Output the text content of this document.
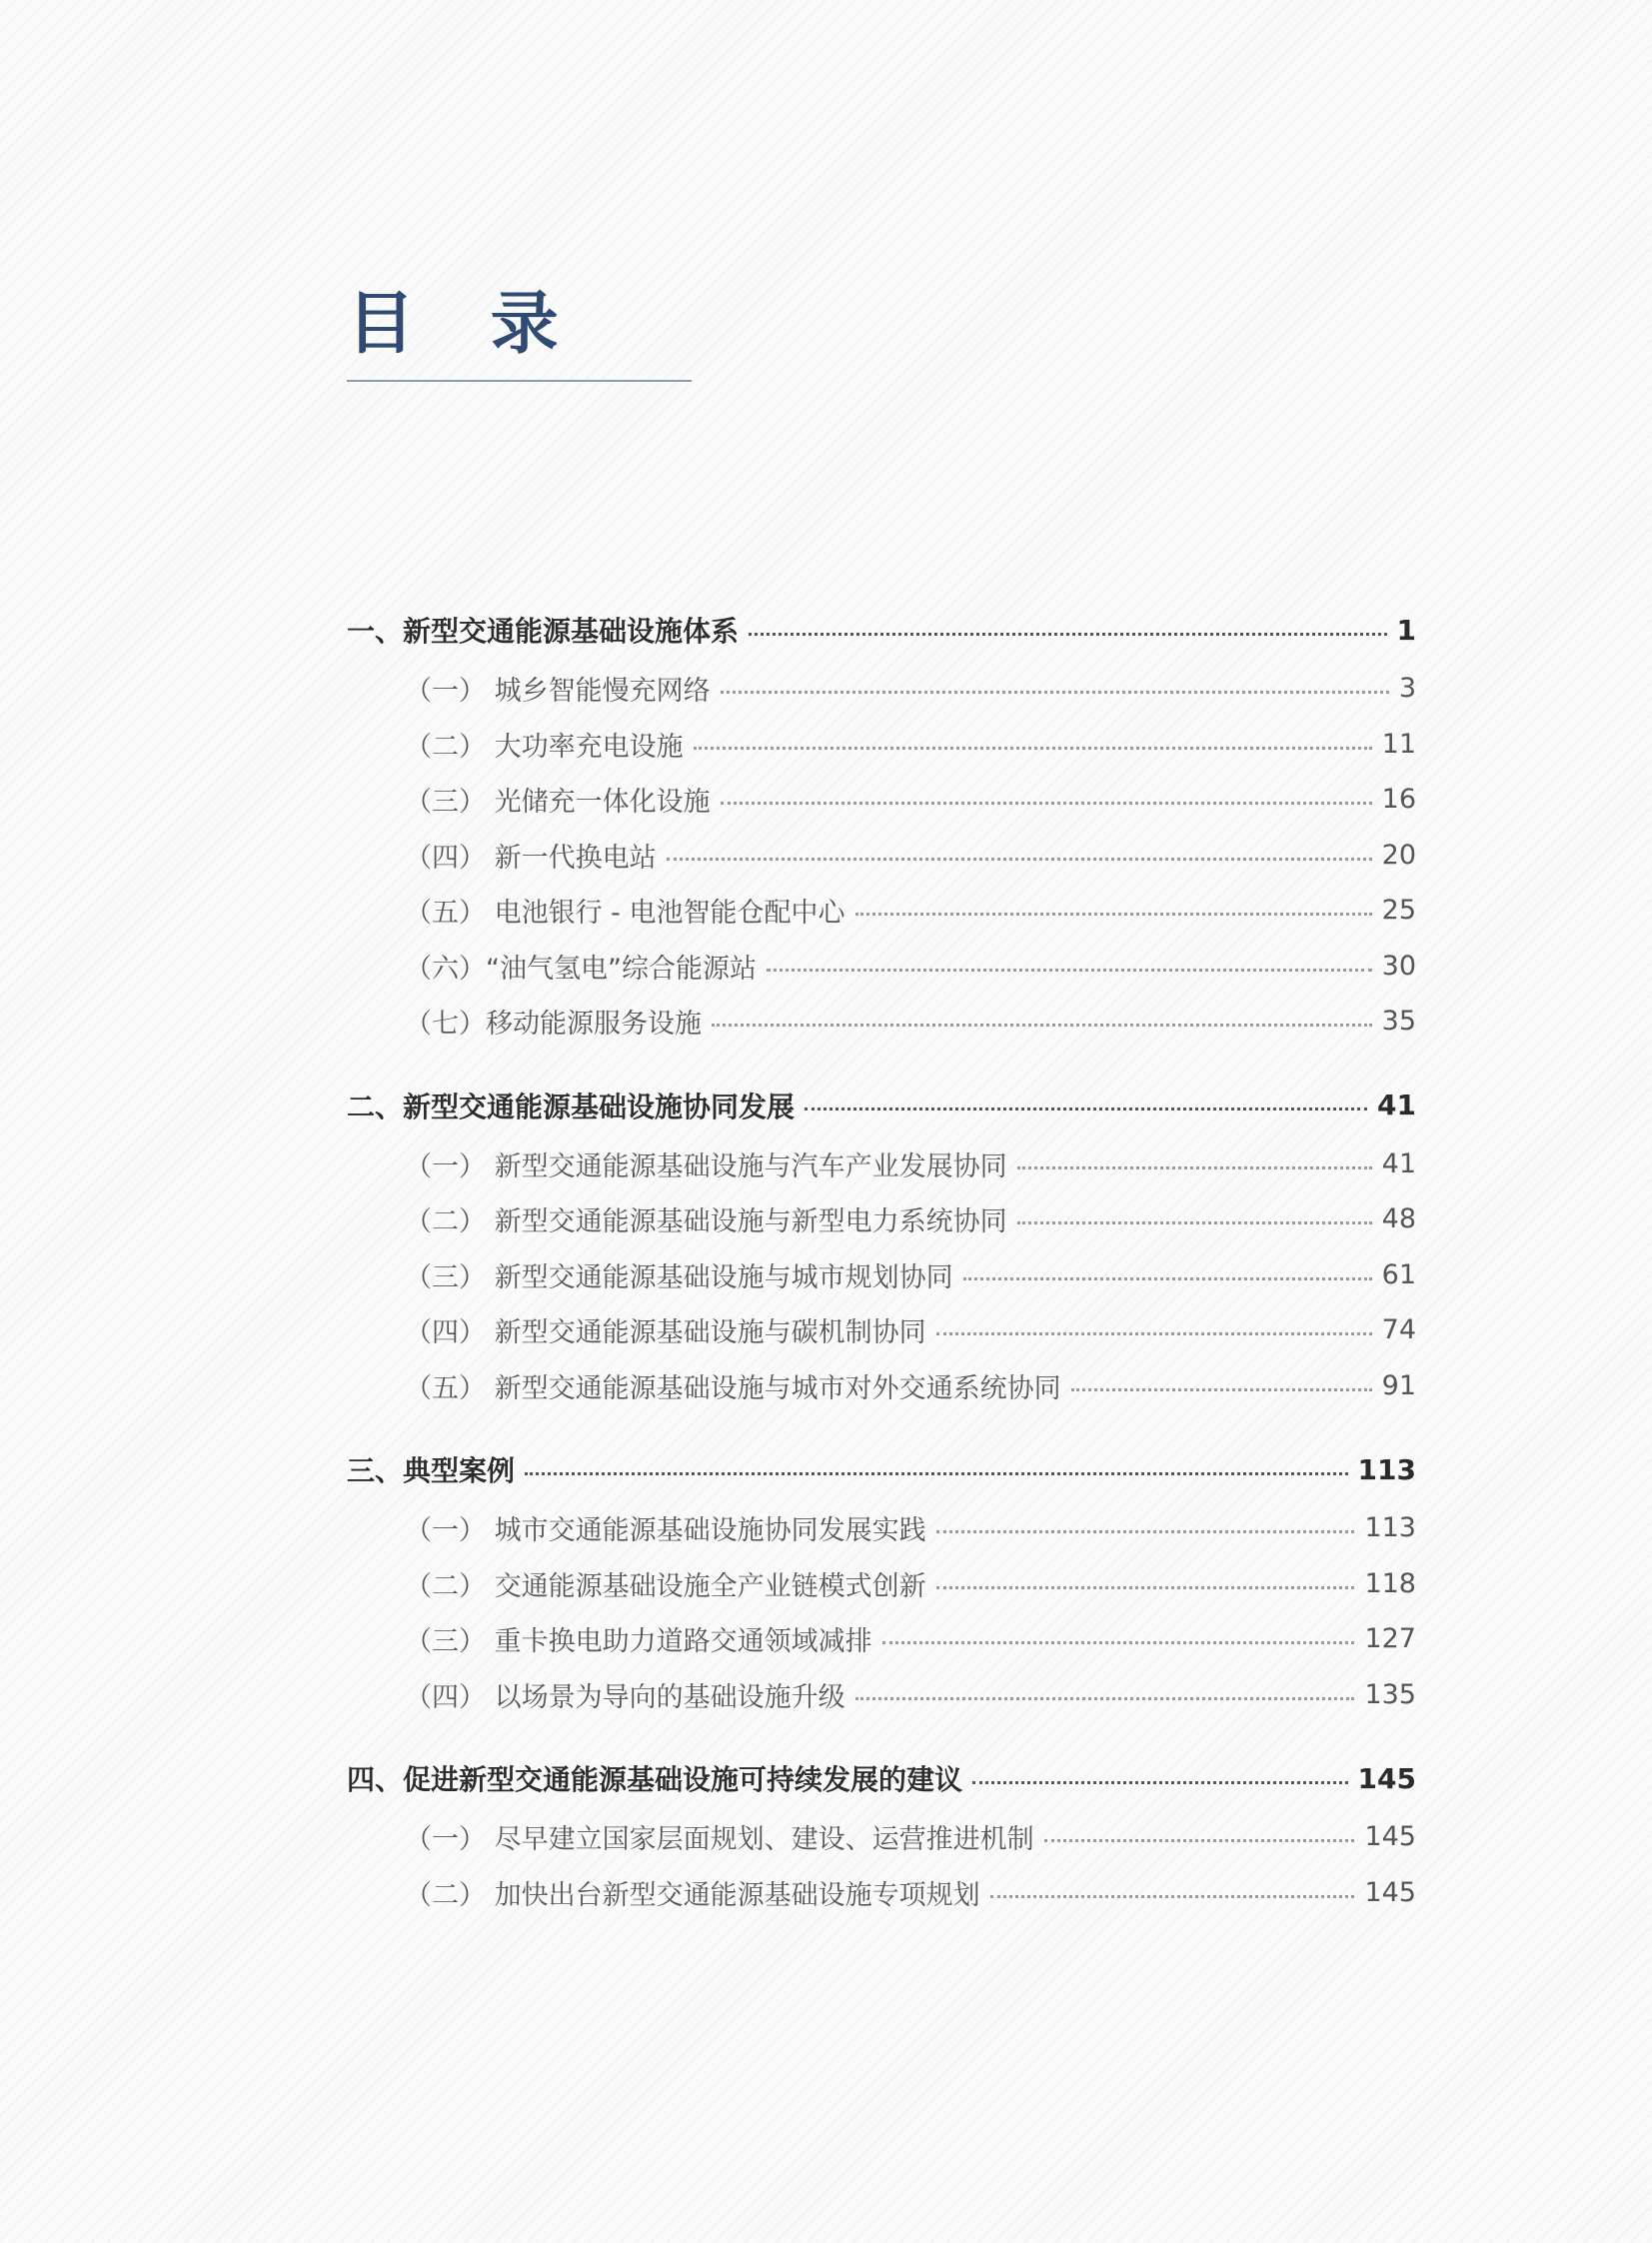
目 录
一、新型交通能源基础设施体系	1
（一） 城乡智能慢充网络	3
（二） 大功率充电设施	11
（三） 光储充一体化设施	16
（四） 新一代换电站	20
（五） 电池银行 - 电池智能仓配中心	25
（六）“油气氢电”综合能源站	30
（七）移动能源服务设施	35
二、新型交通能源基础设施协同发展	41
（一） 新型交通能源基础设施与汽车产业发展协同	41
（二） 新型交通能源基础设施与新型电力系统协同	48
（三） 新型交通能源基础设施与城市规划协同	61
（四） 新型交通能源基础设施与碳机制协同	74
（五） 新型交通能源基础设施与城市对外交通系统协同	91
三、典型案例	113
（一） 城市交通能源基础设施协同发展实践	113
（二） 交通能源基础设施全产业链模式创新	118
（三） 重卡换电助力道路交通领域减排	127
（四） 以场景为导向的基础设施升级	135
四、促进新型交通能源基础设施可持续发展的建议	145
（一） 尽早建立国家层面规划、建设、运营推进机制	145
（二） 加快出台新型交通能源基础设施专项规划	145
